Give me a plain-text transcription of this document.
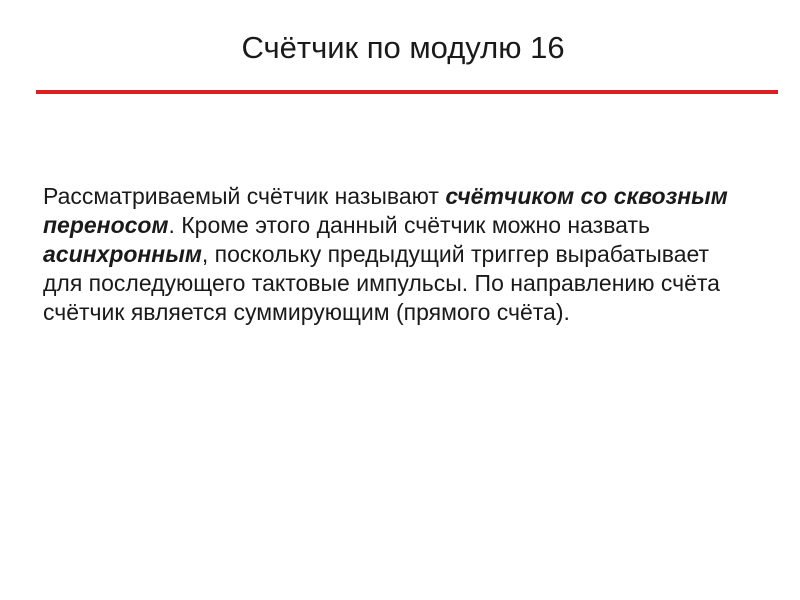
Счётчик по модулю 16

Рассматриваемый счётчик называют счётчиком со сквозным переносом. Кроме этого данный счётчик можно назвать асинхронным, поскольку предыдущий триггер вырабатывает для последующего тактовые импульсы. По направлению счёта счётчик является суммирующим (прямого счёта).
